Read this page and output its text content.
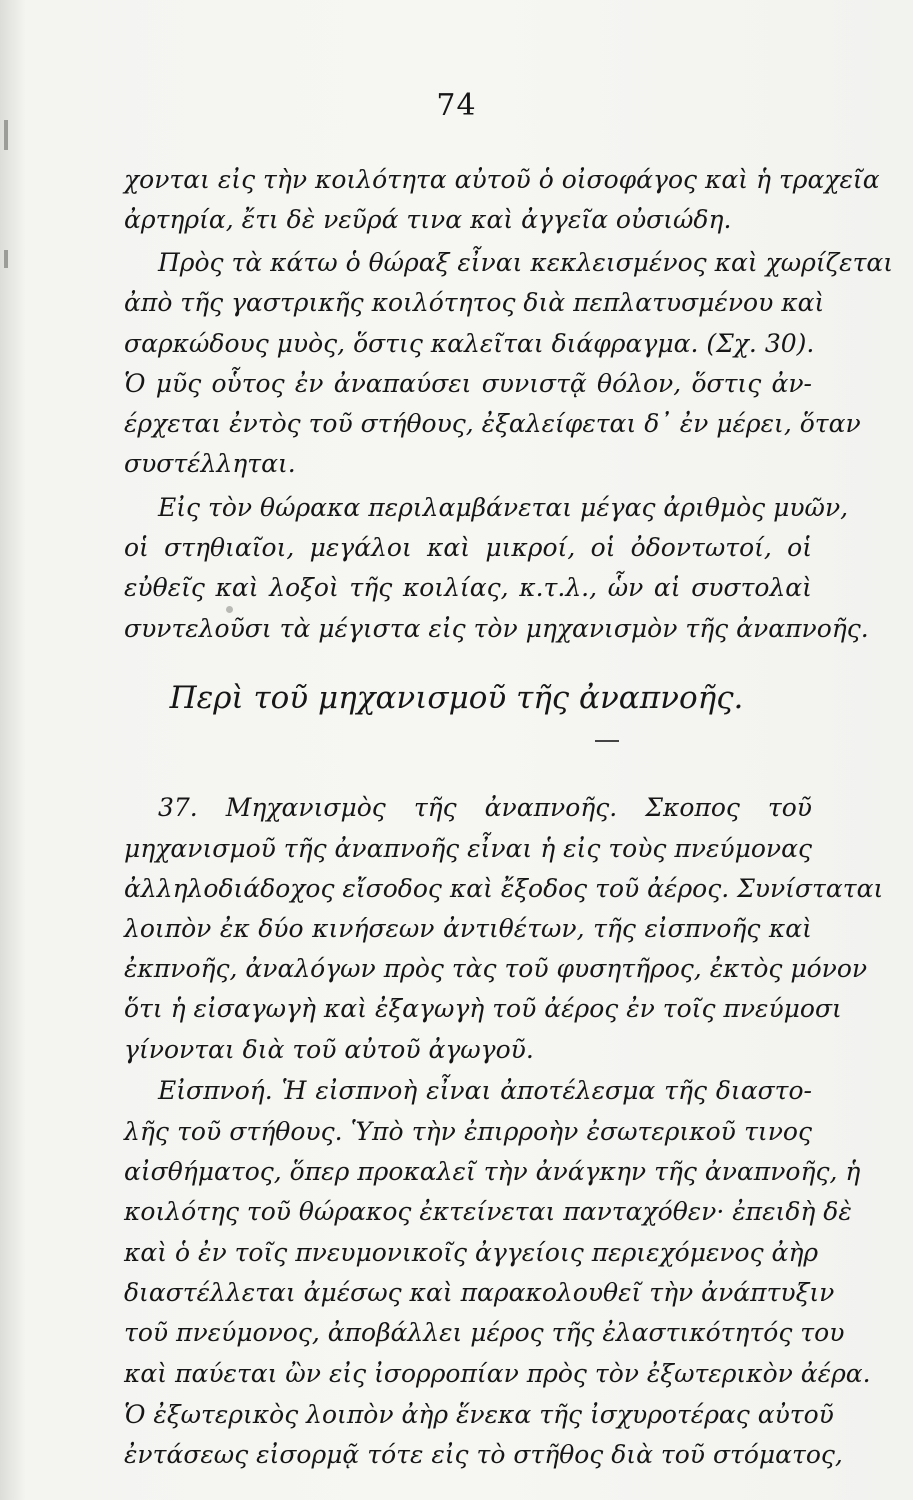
74
χονται εἰς τὴν κοιλότητα αὐτοῦ ὁ οἰσοφάγος καὶ ἡ τραχεῖα
ἀρτηρία, ἔτι δὲ νεῦρά τινα καὶ ἀγγεῖα οὐσιώδη.
Πρὸς τὰ κάτω ὁ θώραξ εἶναι κεκλεισμένος καὶ χωρίζεται
ἀπὸ τῆς γαστρικῆς κοιλότητος διὰ πεπλατυσμένου καὶ
σαρκώδους μυὸς, ὅστις καλεῖται διάφραγμα. (Σχ. 30).
Ὁ μῦς οὗτος ἐν ἀναπαύσει συνιστᾷ θόλον, ὅστις ἀν-
έρχεται ἐντὸς τοῦ στήθους, ἐξαλείφεται δ᾽ ἐν μέρει, ὅταν
συστέλληται.
Εἰς τὸν θώρακα περιλαμβάνεται μέγας ἀριθμὸς μυῶν,
οἱ στηθιαῖοι, μεγάλοι καὶ μικροί, οἱ ὀδοντωτοί, οἱ
εὐθεῖς καὶ λοξοὶ τῆς κοιλίας, κ.τ.λ., ὧν αἱ συστολαὶ
συντελοῦσι τὰ μέγιστα εἰς τὸν μηχανισμὸν τῆς ἀναπνοῆς.
Περὶ τοῦ μηχανισμοῦ τῆς ἀναπνοῆς.
37. Μηχανισμὸς τῆς ἀναπνοῆς. Σκοπος τοῦ
μηχανισμοῦ τῆς ἀναπνοῆς εἶναι ἡ εἰς τοὺς πνεύμονας
ἀλληλοδιάδοχος εἴσοδος καὶ ἔξοδος τοῦ ἀέρος. Συνίσταται
λοιπὸν ἐκ δύο κινήσεων ἀντιθέτων, τῆς εἰσπνοῆς καὶ
ἐκπνοῆς, ἀναλόγων πρὸς τὰς τοῦ φυσητῆρος, ἐκτὸς μόνον
ὅτι ἡ εἰσαγωγὴ καὶ ἐξαγωγὴ τοῦ ἀέρος ἐν τοῖς πνεύμοσι
γίνονται διὰ τοῦ αὐτοῦ ἀγωγοῦ.
Εἰσπνοή. Ἡ εἰσπνοὴ εἶναι ἀποτέλεσμα τῆς διαστο-
λῆς τοῦ στήθους. Ὑπὸ τὴν ἐπιρροὴν ἐσωτερικοῦ τινος
αἰσθήματος, ὅπερ προκαλεῖ τὴν ἀνάγκην τῆς ἀναπνοῆς, ἡ
κοιλότης τοῦ θώρακος ἐκτείνεται πανταχόθεν· ἐπειδὴ δὲ
καὶ ὁ ἐν τοῖς πνευμονικοῖς ἀγγείοις περιεχόμενος ἀὴρ
διαστέλλεται ἀμέσως καὶ παρακολουθεῖ τὴν ἀνάπτυξιν
τοῦ πνεύμονος, ἀποβάλλει μέρος τῆς ἐλαστικότητός του
καὶ παύεται ὢν εἰς ἰσορροπίαν πρὸς τὸν ἐξωτερικὸν ἀέρα.
Ὁ ἐξωτερικὸς λοιπὸν ἀὴρ ἕνεκα τῆς ἰσχυροτέρας αὐτοῦ
ἐντάσεως εἰσορμᾷ τότε εἰς τὸ στῆθος διὰ τοῦ στόματος,
